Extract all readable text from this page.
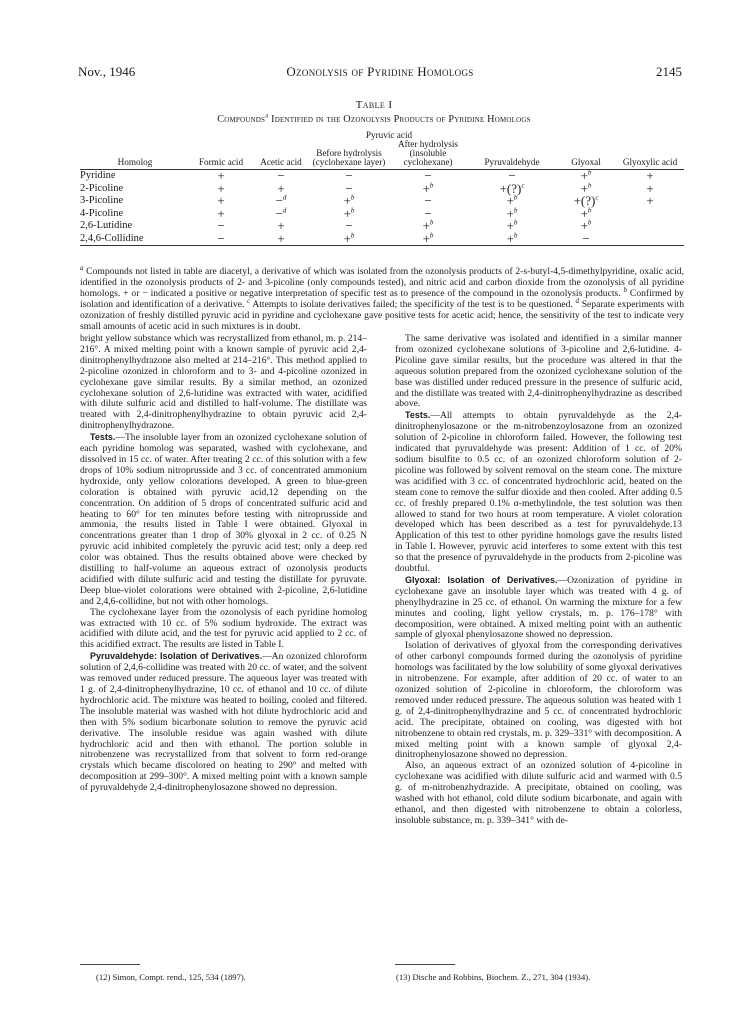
Nov., 1946	Ozonolysis of Pyridine Homologs	2145
Table I
Compounds$^a$ Identified in the Ozonolysis Products of Pyridine Homologs
			Pyruvic acid				
Homolog	Formic acid	Acetic acid	Before hydrolysis (cyclohexane layer)	After hydrolysis (insoluble cyclohexane)	Pyruvaldehyde	Glyoxal	Glyoxylic acid
Pyridine	+	−	−	−	−	+$^b$	+
2-Picoline	+	+	−	+$^b$	+(?)$^c$	+$^b$	+
3-Picoline	+	−$^d$	+$^b$	−	+$^b$	+(?)$^c$	+
4-Picoline	+	−$^d$	+$^b$	−	+$^b$	+$^b$	
2,6-Lutidine	−	+	−	+$^b$	+$^b$	+$^b$	
2,4,6-Collidine	−	+	+$^b$	+$^b$	+$^b$	−	
$^a$ Compounds not listed in table are diacetyl, a derivative of which was isolated from the ozonolysis products of 2-s-butyl-4,5-dimethylpyridine, oxalic acid, identified in the ozonolysis products of 2- and 3-picoline (only compounds tested), and nitric acid and carbon dioxide from the ozonolysis of all pyridine homologs. + or − indicated a positive or negative interpretation of specific test as to presence of the compound in the ozonolysis products. $^b$ Confirmed by isolation and identification of a derivative. $^c$ Attempts to isolate derivatives failed; the specificity of the test is to be questioned. $^d$ Separate experiments with ozonization of freshly distilled pyruvic acid in pyridine and cyclohexane gave positive tests for acetic acid; hence, the sensitivity of the test to indicate very small amounts of acetic acid in such mixtures is in doubt.

bright yellow substance which was recrystallized from ethanol, m. p. 214–216°. A mixed melting point with a known sample of pyruvic acid 2,4-dinitrophenylhydrazone also melted at 214–216°. This method applied to 2-picoline ozonized in chloroform and to 3- and 4-picoline ozonized in cyclohexane gave similar results. By a similar method, an ozonized cyclohexane solution of 2,6-lutidine was extracted with water, acidified with dilute sulfuric acid and distilled to half-volume. The distillate was treated with 2,4-dinitrophenylhydrazine to obtain pyruvic acid 2,4-dinitrophenylhydrazone.

Tests.—The insoluble layer from an ozonized cyclohexane solution of each pyridine homolog was separated, washed with cyclohexane, and dissolved in 15 cc. of water. After treating 2 cc. of this solution with a few drops of 10% sodium nitroprusside and 3 cc. of concentrated ammonium hydroxide, only yellow colorations developed. A green to blue-green coloration is obtained with pyruvic acid,12 depending on the concentration. On addition of 5 drops of concentrated sulfuric acid and heating to 60° for ten minutes before testing with nitroprusside and ammonia, the results listed in Table I were obtained. Glyoxal in concentrations greater than 1 drop of 30% glyoxal in 2 cc. of 0.25 N pyruvic acid inhibited completely the pyruvic acid test; only a deep red color was obtained. Thus the results obtained above were checked by distilling to half-volume an aqueous extract of ozonolysis products acidified with dilute sulfuric acid and testing the distillate for pyruvate. Deep blue-violet colorations were obtained with 2-picoline, 2,6-lutidine and 2,4,6-collidine, but not with other homologs.

The cyclohexane layer from the ozonolysis of each pyridine homolog was extracted with 10 cc. of 5% sodium hydroxide. The extract was acidified with dilute acid, and the test for pyruvic acid applied to 2 cc. of this acidified extract. The results are listed in Table I.

Pyruvaldehyde: Isolation of Derivatives.—An ozonized chloroform solution of 2,4,6-collidine was treated with 20 cc. of water, and the solvent was removed under reduced pressure. The aqueous layer was treated with 1 g. of 2,4-dinitrophenylhydrazine, 10 cc. of ethanol and 10 cc. of dilute hydrochloric acid. The mixture was heated to boiling, cooled and filtered. The insoluble material was washed with hot dilute hydrochloric acid and then with 5% sodium bicarbonate solution to remove the pyruvic acid derivative. The insoluble residue was again washed with dilute hydrochloric acid and then with ethanol. The portion soluble in nitrobenzene was recrystallized from that solvent to form red-orange crystals which became discolored on heating to 290° and melted with decomposition at 299–300°. A mixed melting point with a known sample of pyruvaldehyde 2,4-dinitrophenylosazone showed no depression.

The same derivative was isolated and identified in a similar manner from ozonized cyclohexane solutions of 3-picoline and 2,6-lutidine. 4-Picoline gave similar results, but the procedure was altered in that the aqueous solution prepared from the ozonized cyclohexane solution of the base was distilled under reduced pressure in the presence of sulfuric acid, and the distillate was treated with 2,4-dinitrophenylhydrazine as described above.

Tests.—All attempts to obtain pyruvaldehyde as the 2,4-dinitrophenylosazone or the m-nitrobenzoylosazone from an ozonized solution of 2-picoline in chloroform failed. However, the following test indicated that pyruvaldehyde was present: Addition of 1 cc. of 20% sodium bisulfite to 0.5 cc. of an ozonized chloroform solution of 2-picoline was followed by solvent removal on the steam cone. The mixture was acidified with 3 cc. of concentrated hydrochloric acid, heated on the steam cone to remove the sulfur dioxide and then cooled. After adding 0.5 cc. of freshly prepared 0.1% α-methylindole, the test solution was then allowed to stand for two hours at room temperature. A violet coloration developed which has been described as a test for pyruvaldehyde.13 Application of this test to other pyridine homologs gave the results listed in Table I. However, pyruvic acid interferes to some extent with this test so that the presence of pyruvaldehyde in the products from 2-picoline was doubtful.

Glyoxal: Isolation of Derivatives.—Ozonization of pyridine in cyclohexane gave an insoluble layer which was treated with 4 g. of phenylhydrazine in 25 cc. of ethanol. On warming the mixture for a few minutes and cooling, light yellow crystals, m. p. 176–178° with decomposition, were obtained. A mixed melting point with an authentic sample of glyoxal phenylosazone showed no depression.

Isolation of derivatives of glyoxal from the corresponding derivatives of other carbonyl compounds formed during the ozonolysis of pyridine homologs was facilitated by the low solubility of some glyoxal derivatives in nitrobenzene. For example, after addition of 20 cc. of water to an ozonized solution of 2-picoline in chloroform, the chloroform was removed under reduced pressure. The aqueous solution was heated with 1 g. of 2,4-dinitrophenylhydrazine and 5 cc. of concentrated hydrochloric acid. The precipitate, obtained on cooling, was digested with hot nitrobenzene to obtain red crystals, m. p. 329–331° with decomposition. A mixed melting point with a known sample of glyoxal 2,4-dinitrophenylosazone showed no depression.

Also, an aqueous extract of an ozonized solution of 4-picoline in cyclohexane was acidified with dilute sulfuric acid and warmed with 0.5 g. of m-nitrobenzhydrazide. A precipitate, obtained on cooling, was washed with hot ethanol, cold dilute sodium bicarbonate, and again with ethanol, and then digested with nitrobenzene to obtain a colorless, insoluble substance, m. p. 339–341° with de-

(12) Simon, Compt. rend., 125, 534 (1897).	(13) Dische and Robbins, Biochem. Z., 271, 304 (1934).
